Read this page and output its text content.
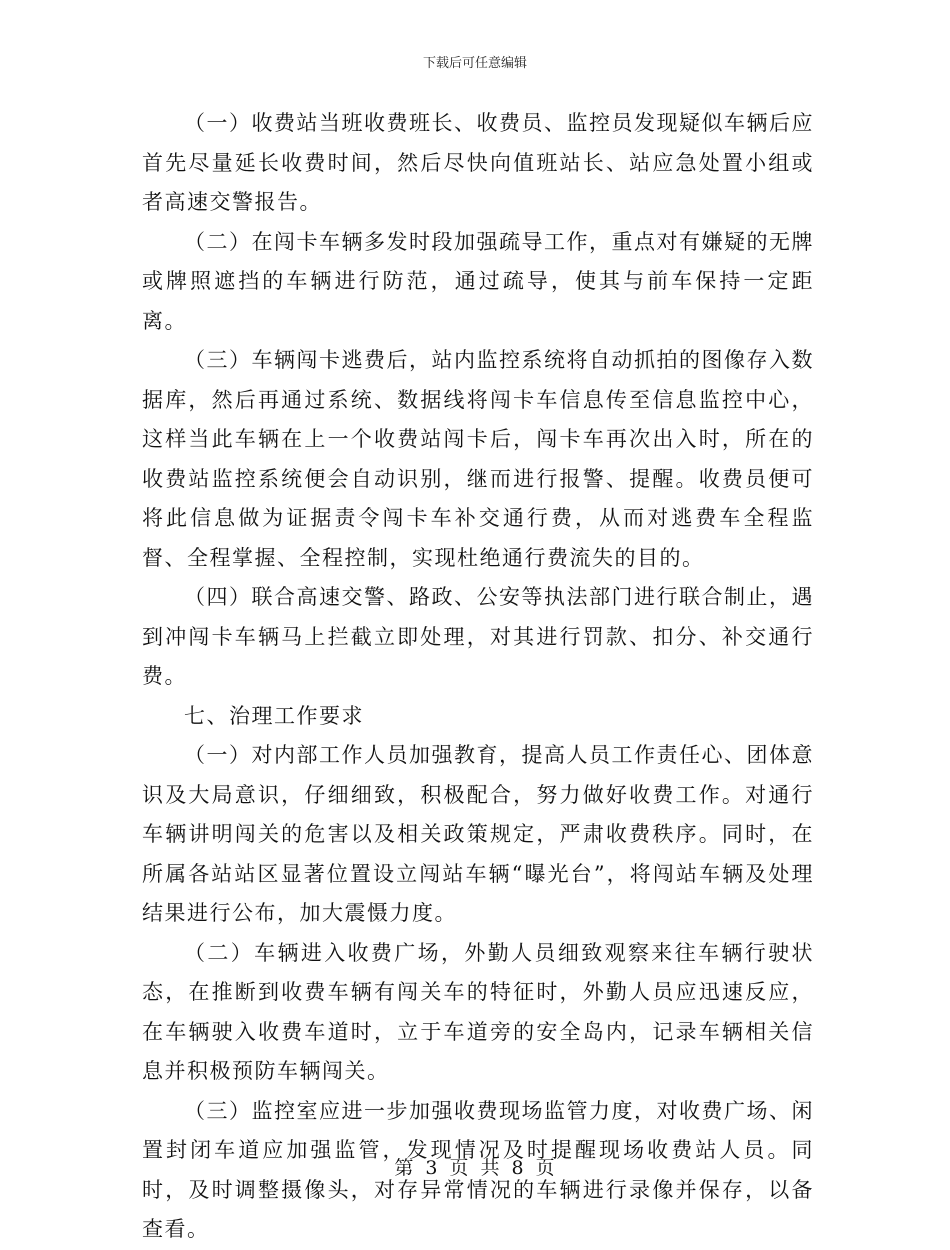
下载后可任意编辑

（一）收费站当班收费班长、收费员、监控员发现疑似车辆后应首先尽量延长收费时间，然后尽快向值班站长、站应急处置小组或者高速交警报告。

（二）在闯卡车辆多发时段加强疏导工作，重点对有嫌疑的无牌或牌照遮挡的车辆进行防范，通过疏导，使其与前车保持一定距离。

（三）车辆闯卡逃费后，站内监控系统将自动抓拍的图像存入数据库，然后再通过系统、数据线将闯卡车信息传至信息监控中心，这样当此车辆在上一个收费站闯卡后，闯卡车再次出入时，所在的收费站监控系统便会自动识别，继而进行报警、提醒。收费员便可将此信息做为证据责令闯卡车补交通行费，从而对逃费车全程监督、全程掌握、全程控制，实现杜绝通行费流失的目的。

（四）联合高速交警、路政、公安等执法部门进行联合制止，遇到冲闯卡车辆马上拦截立即处理，对其进行罚款、扣分、补交通行费。

七、治理工作要求

（一）对内部工作人员加强教育，提高人员工作责任心、团体意识及大局意识，仔细细致，积极配合，努力做好收费工作。对通行车辆讲明闯关的危害以及相关政策规定，严肃收费秩序。同时，在所属各站站区显著位置设立闯站车辆“曝光台”，将闯站车辆及处理结果进行公布，加大震慑力度。

（二）车辆进入收费广场，外勤人员细致观察来往车辆行驶状态，在推断到收费车辆有闯关车的特征时，外勤人员应迅速反应，在车辆驶入收费车道时，立于车道旁的安全岛内，记录车辆相关信息并积极预防车辆闯关。

（三）监控室应进一步加强收费现场监管力度，对收费广场、闲置封闭车道应加强监管，发现情况及时提醒现场收费站人员。同时，及时调整摄像头，对存异常情况的车辆进行录像并保存，以备查看。

第 3 页 共 8 页
